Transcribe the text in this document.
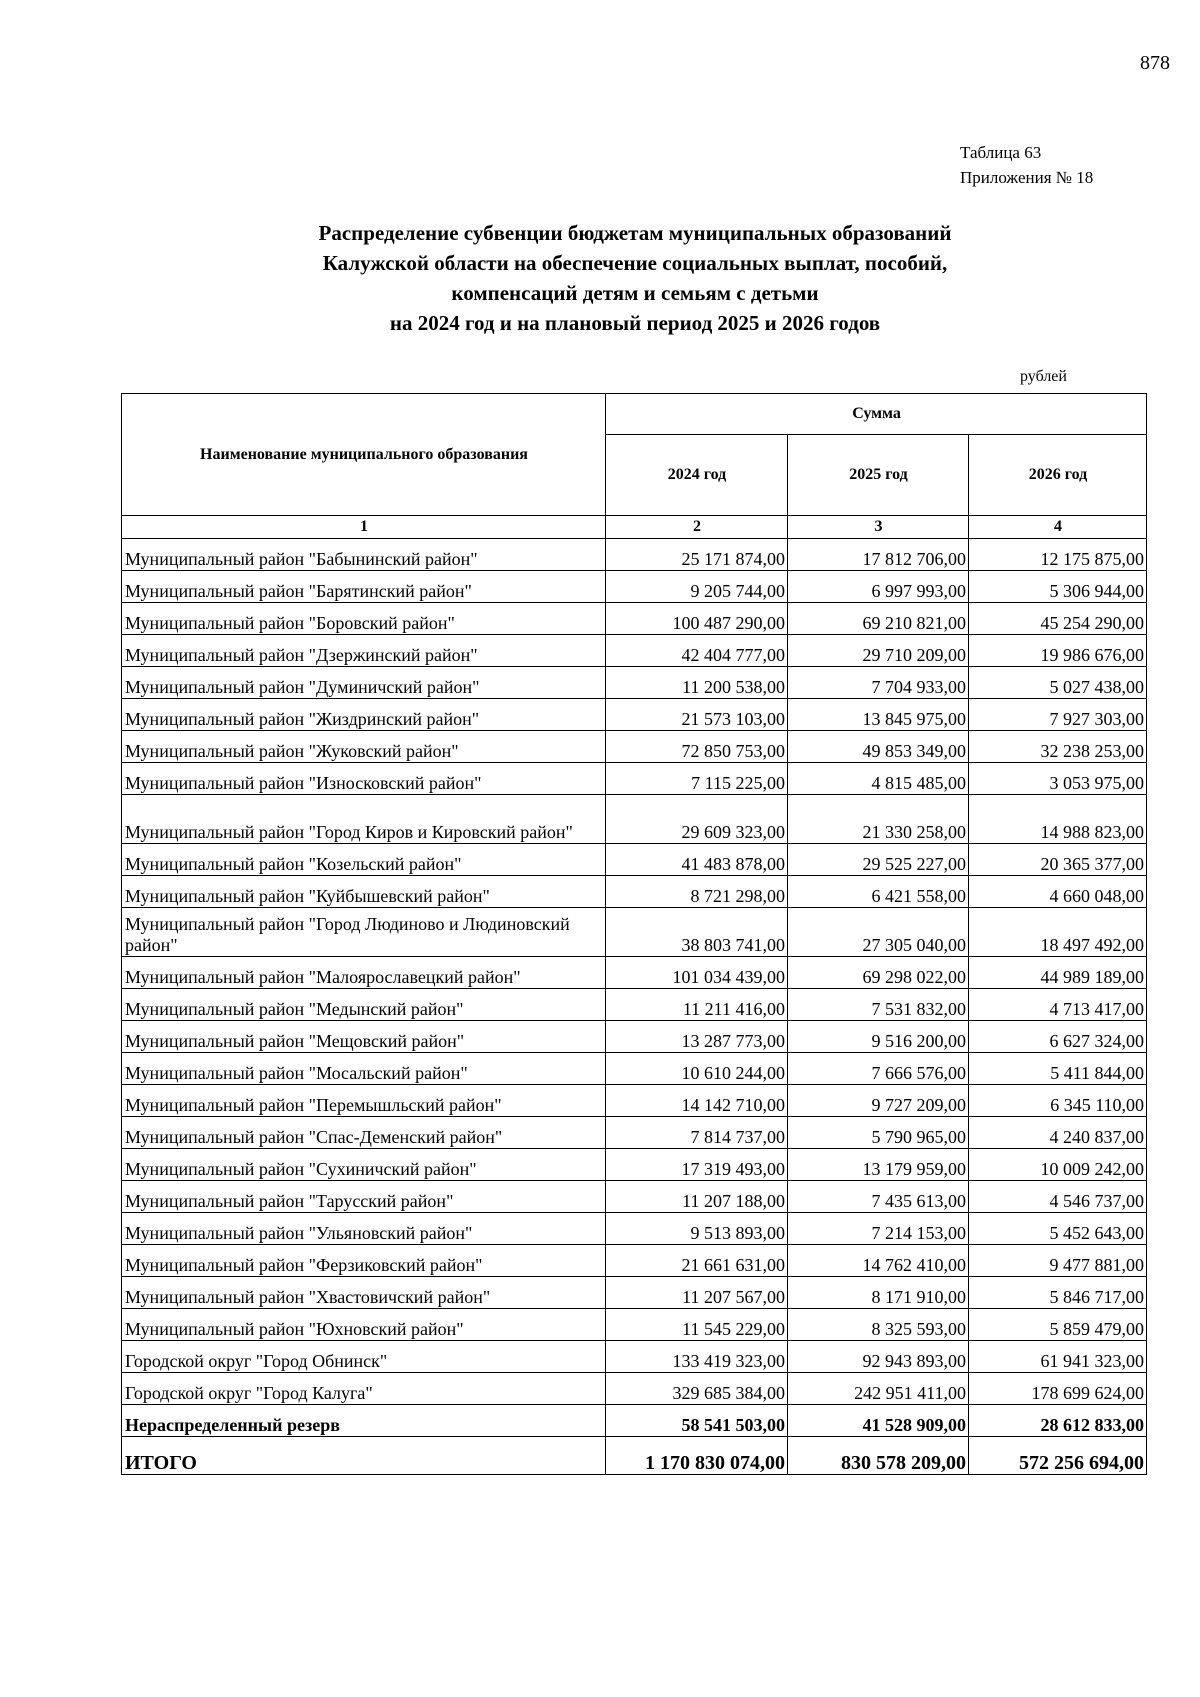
878
Таблица 63
Приложения № 18
Распределение субвенции бюджетам муниципальных образований
Калужской области на обеспечение социальных выплат, пособий,
компенсаций детям и семьям с детьми
на 2024 год и на плановый период 2025 и 2026 годов
рублей
Наименование муниципального образования	Сумма		
	2024 год	2025 год	2026 год
1	2	3	4
Муниципальный район "Бабынинский район"	25 171 874,00	17 812 706,00	12 175 875,00
Муниципальный район "Барятинский район"	9 205 744,00	6 997 993,00	5 306 944,00
Муниципальный район "Боровский район"	100 487 290,00	69 210 821,00	45 254 290,00
Муниципальный район "Дзержинский район"	42 404 777,00	29 710 209,00	19 986 676,00
Муниципальный район "Думиничский район"	11 200 538,00	7 704 933,00	5 027 438,00
Муниципальный район "Жиздринский район"	21 573 103,00	13 845 975,00	7 927 303,00
Муниципальный район "Жуковский район"	72 850 753,00	49 853 349,00	32 238 253,00
Муниципальный район "Износковский район"	7 115 225,00	4 815 485,00	3 053 975,00
Муниципальный район "Город Киров и Кировский район"	29 609 323,00	21 330 258,00	14 988 823,00
Муниципальный район "Козельский район"	41 483 878,00	29 525 227,00	20 365 377,00
Муниципальный район "Куйбышевский район"	8 721 298,00	6 421 558,00	4 660 048,00
Муниципальный район "Город Людиново и Людиновский район"	38 803 741,00	27 305 040,00	18 497 492,00
Муниципальный район "Малоярославецкий район"	101 034 439,00	69 298 022,00	44 989 189,00
Муниципальный район "Медынский район"	11 211 416,00	7 531 832,00	4 713 417,00
Муниципальный район "Мещовский район"	13 287 773,00	9 516 200,00	6 627 324,00
Муниципальный район "Мосальский район"	10 610 244,00	7 666 576,00	5 411 844,00
Муниципальный район "Перемышльский район"	14 142 710,00	9 727 209,00	6 345 110,00
Муниципальный район "Спас-Деменский район"	7 814 737,00	5 790 965,00	4 240 837,00
Муниципальный район "Сухиничский район"	17 319 493,00	13 179 959,00	10 009 242,00
Муниципальный район "Тарусский район"	11 207 188,00	7 435 613,00	4 546 737,00
Муниципальный район "Ульяновский район"	9 513 893,00	7 214 153,00	5 452 643,00
Муниципальный район "Ферзиковский район"	21 661 631,00	14 762 410,00	9 477 881,00
Муниципальный район "Хвастовичский район"	11 207 567,00	8 171 910,00	5 846 717,00
Муниципальный район "Юхновский район"	11 545 229,00	8 325 593,00	5 859 479,00
Городской округ "Город Обнинск"	133 419 323,00	92 943 893,00	61 941 323,00
Городской округ "Город Калуга"	329 685 384,00	242 951 411,00	178 699 624,00
Нераспределенный резерв	58 541 503,00	41 528 909,00	28 612 833,00
ИТОГО	1 170 830 074,00	830 578 209,00	572 256 694,00
